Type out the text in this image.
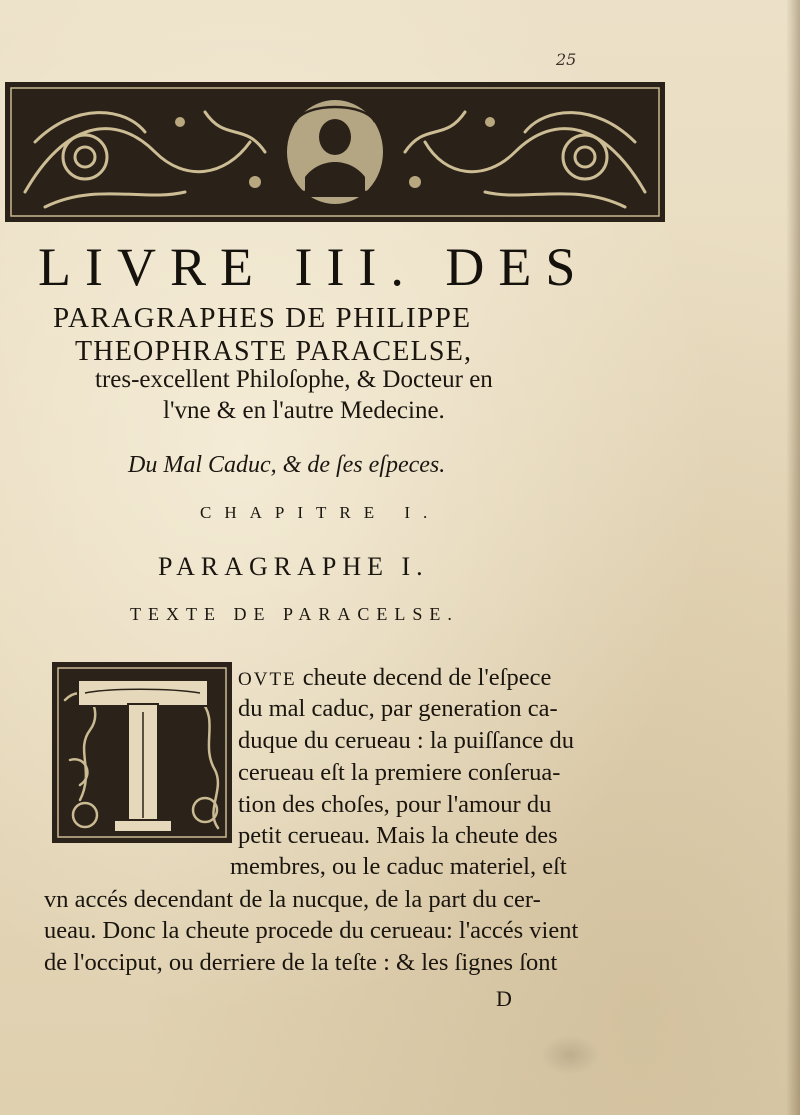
25
LIVRE III. DES
PARAGRAPHES DE PHILIPPE
THEOPHRASTE PARACELSE,
tres-excellent Philoſophe, & Docteur en
l'vne & en l'autre Medecine.
Du Mal Caduc, & de ſes eſpeces.
CHAPITRE I.
PARAGRAPHE I.
TEXTE DE PARACELSE.
OVTE cheute decend de l'eſpece
du mal caduc, par generation ca-
duque du cerueau : la puiſſance du
cerueau eſt la premiere conſerua-
tion des choſes, pour l'amour du
petit cerueau. Mais la cheute des
membres, ou le caduc materiel, eſt
vn accés decendant de la nucque, de la part du cer-
ueau. Donc la cheute procede du cerueau: l'accés vient
de l'occiput, ou derriere de la teſte : & les ſignes ſont
D
